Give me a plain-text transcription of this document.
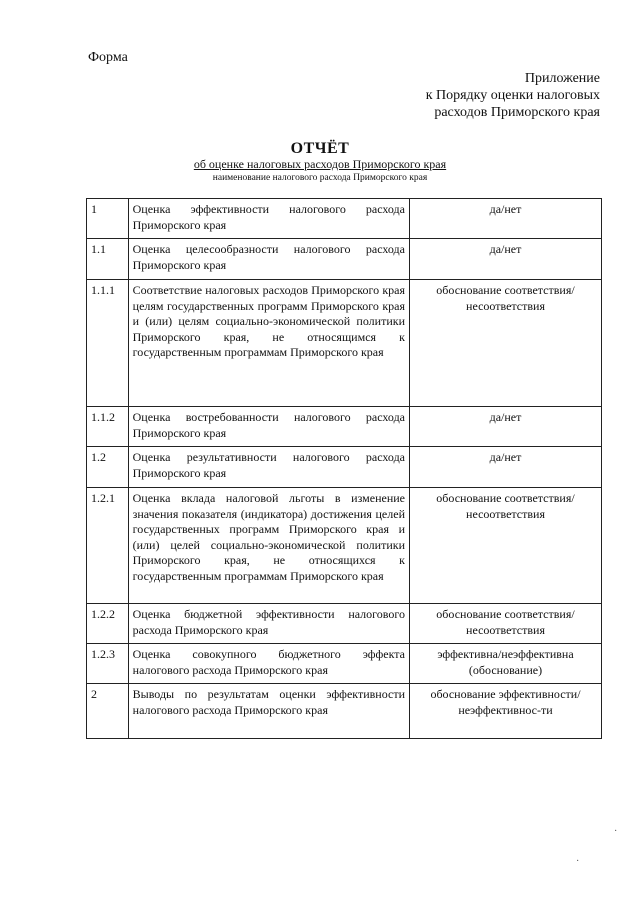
Форма
Приложение
к Порядку оценки налоговых
расходов Приморского края
ОТЧЁТ
об оценке налоговых расходов Приморского края
наименование налогового расхода Приморского края
1	Оценка эффективности налогового расхода Приморского края	да/нет
1.1	Оценка целесообразности налогового расхода Приморского края	да/нет
1.1.1	Соответствие налоговых расходов Приморского края целям государственных программ Приморского края и (или) целям социально-экономической политики Приморского края, не относящимся к государственным программам Приморского края	обоснование соответствия/несоответствия
1.1.2	Оценка востребованности налогового расхода Приморского края	да/нет
1.2	Оценка результативности налогового расхода Приморского края	да/нет
1.2.1	Оценка вклада налоговой льготы в изменение значения показателя (индикатора) достижения целей государственных программ Приморского края и (или) целей социально-экономической политики Приморского края, не относящихся к государственным программам Приморского края	обоснование соответствия/несоответствия
1.2.2	Оценка бюджетной эффективности налогового расхода Приморского края	обоснование соответствия/несоответствия
1.2.3	Оценка совокупного бюджетного эффекта налогового расхода Приморского края	эффективна/неэффективна (обоснование)
2	Выводы по результатам оценки эффективности налогового расхода Приморского края	обоснование эффективности/неэффективнос-ти
·
·
